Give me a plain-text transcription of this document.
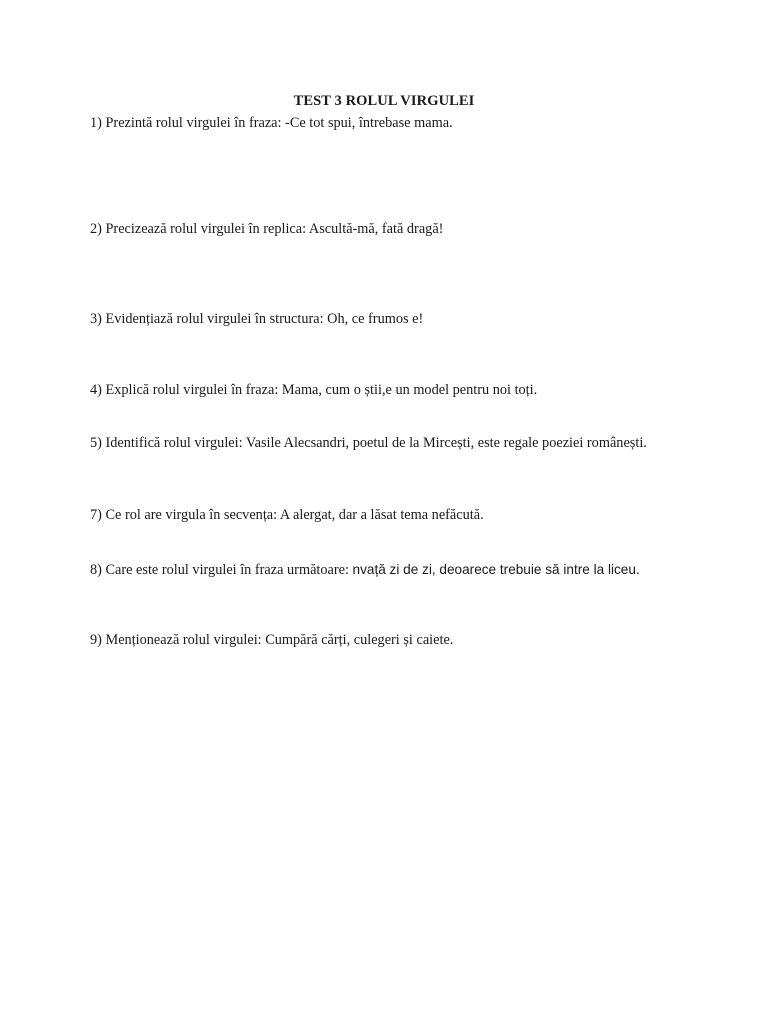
TEST 3 ROLUL VIRGULEI
1) Prezintă rolul virgulei în fraza: -Ce tot spui, întrebase mama.
2) Precizează rolul virgulei în replica: Ascultă-mă, fată dragă!
3) Evidențiază rolul virgulei în structura: Oh, ce frumos e!
4) Explică rolul virgulei în fraza: Mama, cum o știi,e un model pentru noi toți.
5) Identifică rolul virgulei: Vasile Alecsandri, poetul de la Mircești, este regale poeziei românești.
7) Ce rol are virgula în secvența: A alergat, dar a lăsat tema nefăcută.
8) Care este rolul virgulei în fraza următoare: nvață zi de zi, deoarece trebuie să intre la liceu.
9) Menționează rolul virgulei: Cumpără cărți, culegeri și caiete.
